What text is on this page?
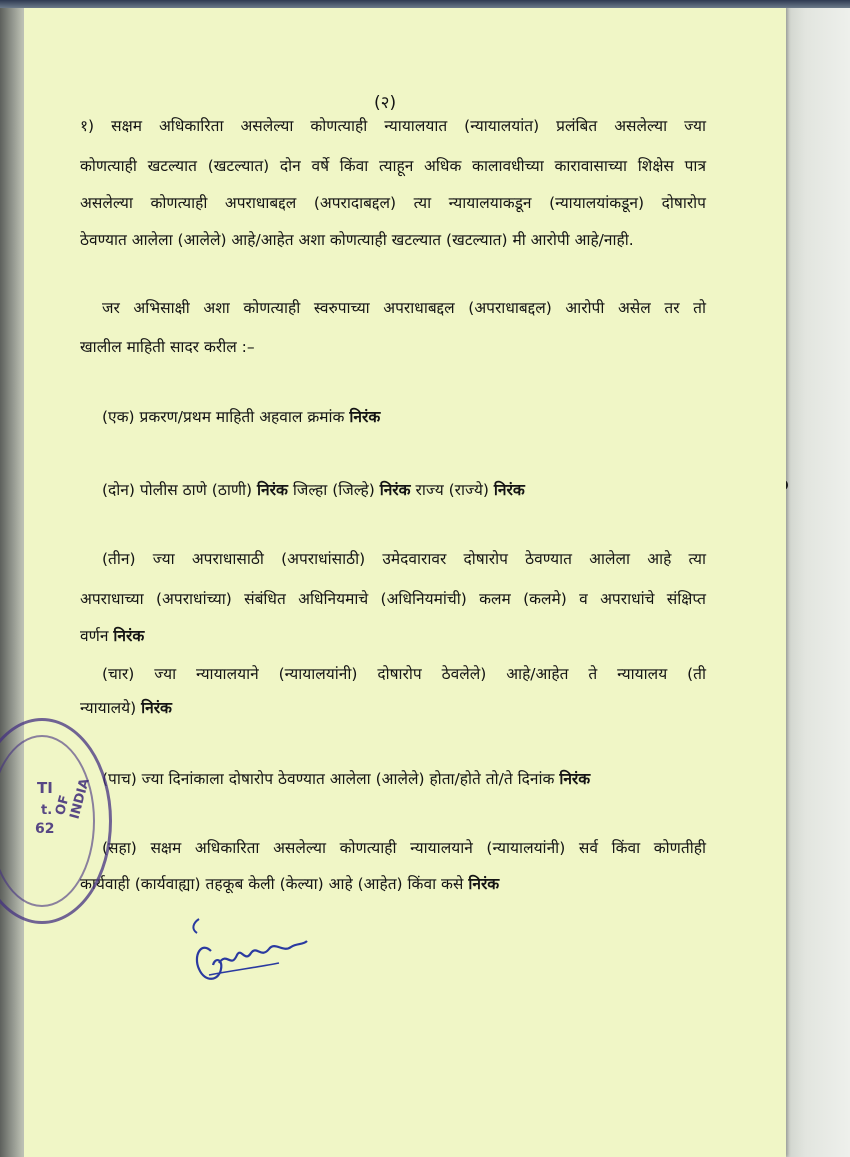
(२)
१) सक्षम अधिकारिता असलेल्या कोणत्याही न्यायालयात (न्यायालयांत) प्रलंबित असलेल्या ज्या
कोणत्याही खटल्यात (खटल्यात) दोन वर्षे किंवा त्याहून अधिक कालावधीच्या कारावासाच्या शिक्षेस पात्र
असलेल्या कोणत्याही अपराधाबद्दल (अपरादाबद्दल) त्या न्यायालयाकडून (न्यायालयांकडून) दोषारोप
ठेवण्यात आलेला (आलेले) आहे/आहेत अशा कोणत्याही खटल्यात (खटल्यात) मी आरोपी आहे/नाही.
जर अभिसाक्षी अशा कोणत्याही स्वरुपाच्या अपराधाबद्दल (अपराधाबद्दल) आरोपी असेल तर तो
खालील माहिती सादर करील :–
(एक) प्रकरण/प्रथम माहिती अहवाल क्रमांक निरंक
(दोन) पोलीस ठाणे (ठाणी) निरंक जिल्हा (जिल्हे) निरंक राज्य (राज्ये) निरंक
(तीन) ज्या अपराधासाठी (अपराधांसाठी) उमेदवारावर दोषारोप ठेवण्यात आलेला आहे त्या
अपराधाच्या (अपराधांच्या) संबंधित अधिनियमाचे (अधिनियमांची) कलम (कलमे) व अपराधांचे संक्षिप्त
वर्णन निरंक
(चार) ज्या न्यायालयाने (न्यायालयांनी) दोषारोप ठेवलेले) आहे/आहेत ते न्यायालय (ती
न्यायालये) निरंक
(पाच) ज्या दिनांकाला दोषारोप ठेवण्यात आलेला (आलेले) होता/होते तो/ते दिनांक निरंक
(सहा) सक्षम अधिकारिता असलेल्या कोणत्याही न्यायालयाने (न्यायालयांनी) सर्व किंवा कोणतीही
कार्यवाही (कार्यवाह्या) तहकूब केली (केल्या) आहे (आहेत) किंवा कसे निरंक
TI
t.
62
OF INDIA
